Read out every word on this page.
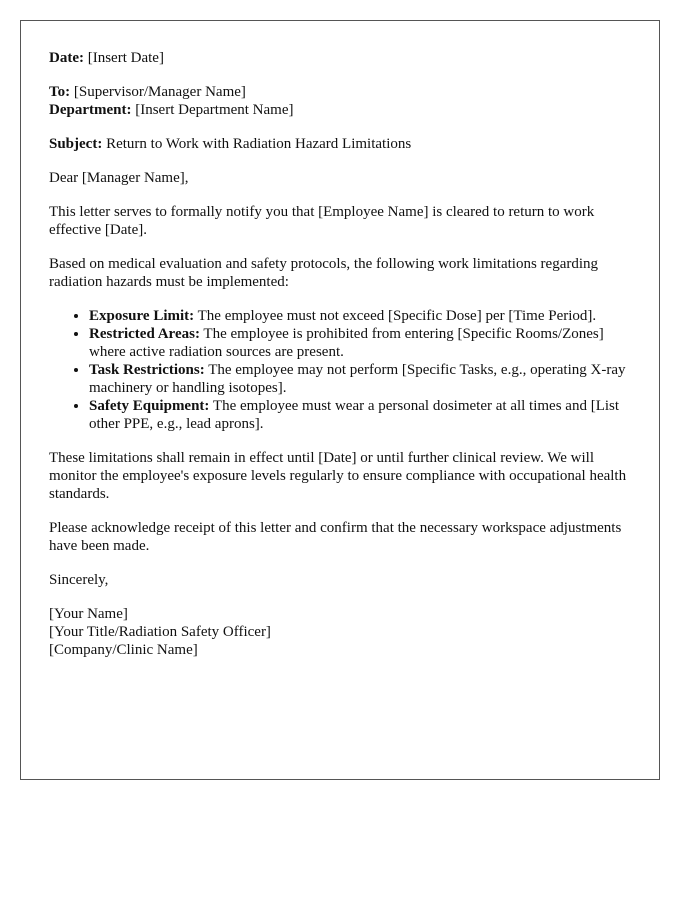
Date: [Insert Date]

To: [Supervisor/Manager Name]

Department: [Insert Department Name]

Subject: Return to Work with Radiation Hazard Limitations

Dear [Manager Name],

This letter serves to formally notify you that [Employee Name] is cleared to return to work effective [Date].

Based on medical evaluation and safety protocols, the following work limitations regarding radiation hazards must be implemented:

• Exposure Limit: The employee must not exceed [Specific Dose] per [Time Period].
• Restricted Areas: The employee is prohibited from entering [Specific Rooms/Zones] where active radiation sources are present.
• Task Restrictions: The employee may not perform [Specific Tasks, e.g., operating X-ray machinery or handling isotopes].
• Safety Equipment: The employee must wear a personal dosimeter at all times and [List other PPE, e.g., lead aprons].

These limitations shall remain in effect until [Date] or until further clinical review. We will monitor the employee's exposure levels regularly to ensure compliance with occupational health standards.

Please acknowledge receipt of this letter and confirm that the necessary workspace adjustments have been made.

Sincerely,

[Your Name]
[Your Title/Radiation Safety Officer]
[Company/Clinic Name]
